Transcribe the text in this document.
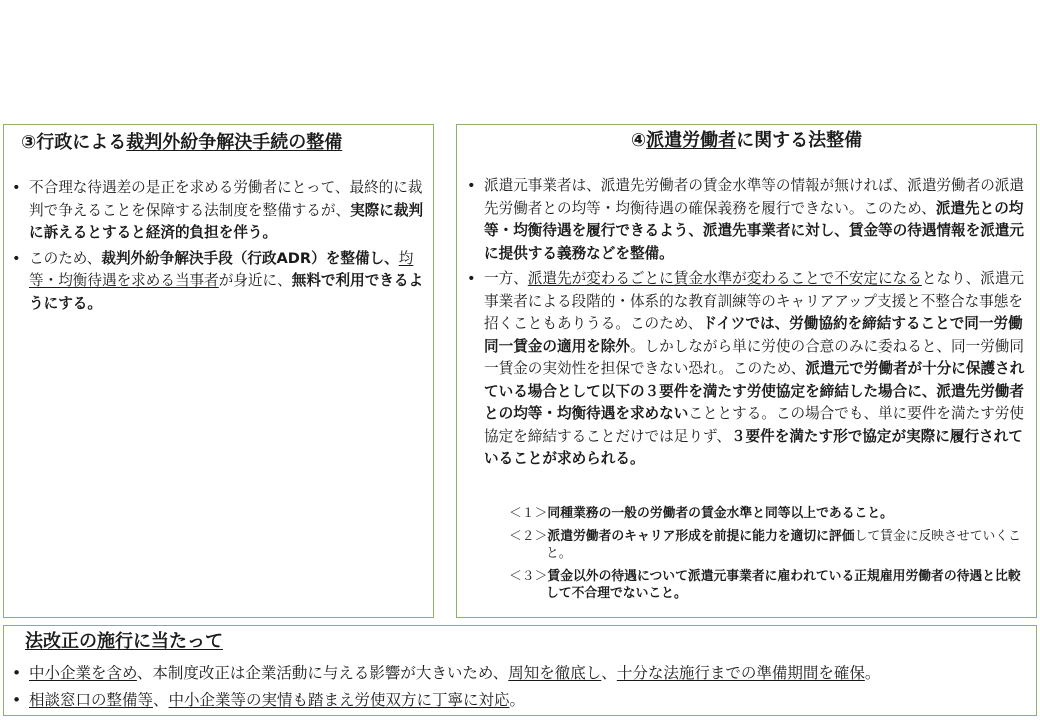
③行政による裁判外紛争解決手続の整備
• 不合理な待遇差の是正を求める労働者にとって、最終的に裁判で争えることを保障する法制度を整備するが、実際に裁判に訴えるとすると経済的負担を伴う。
• このため、裁判外紛争解決手段（行政ADR）を整備し、均等・均衡待遇を求める当事者が身近に、無料で利用できるようにする。
④派遣労働者に関する法整備
• 派遣元事業者は、派遣先労働者の賃金水準等の情報が無ければ、派遣労働者の派遣先労働者との均等・均衡待遇の確保義務を履行できない。このため、派遣先との均等・均衡待遇を履行できるよう、派遣先事業者に対し、賃金等の待遇情報を派遣元に提供する義務などを整備。
• 一方、派遣先が変わるごとに賃金水準が変わることで不安定になるとなり、派遣元事業者による段階的・体系的な教育訓練等のキャリアアップ支援と不整合な事態を招くこともありうる。このため、ドイツでは、労働協約を締結することで同一労働同一賃金の適用を除外。しかしながら単に労使の合意のみに委ねると、同一労働同一賃金の実効性を担保できない恐れ。このため、派遣元で労働者が十分に保護されている場合として以下の３要件を満たす労使協定を締結した場合に、派遣先労働者との均等・均衡待遇を求めないこととする。この場合でも、単に要件を満たす労使協定を締結することだけでは足りず、３要件を満たす形で協定が実際に履行されていることが求められる。
＜１＞同種業務の一般の労働者の賃金水準と同等以上であること。
＜２＞派遣労働者のキャリア形成を前提に能力を適切に評価して賃金に反映させていくこと。
＜３＞賃金以外の待遇について派遣元事業者に雇われている正規雇用労働者の待遇と比較して不合理でないこと。
法改正の施行に当たって
• 中小企業を含め、本制度改正は企業活動に与える影響が大きいため、周知を徹底し、十分な法施行までの準備期間を確保。
• 相談窓口の整備等、中小企業等の実情も踏まえ労使双方に丁寧に対応。
